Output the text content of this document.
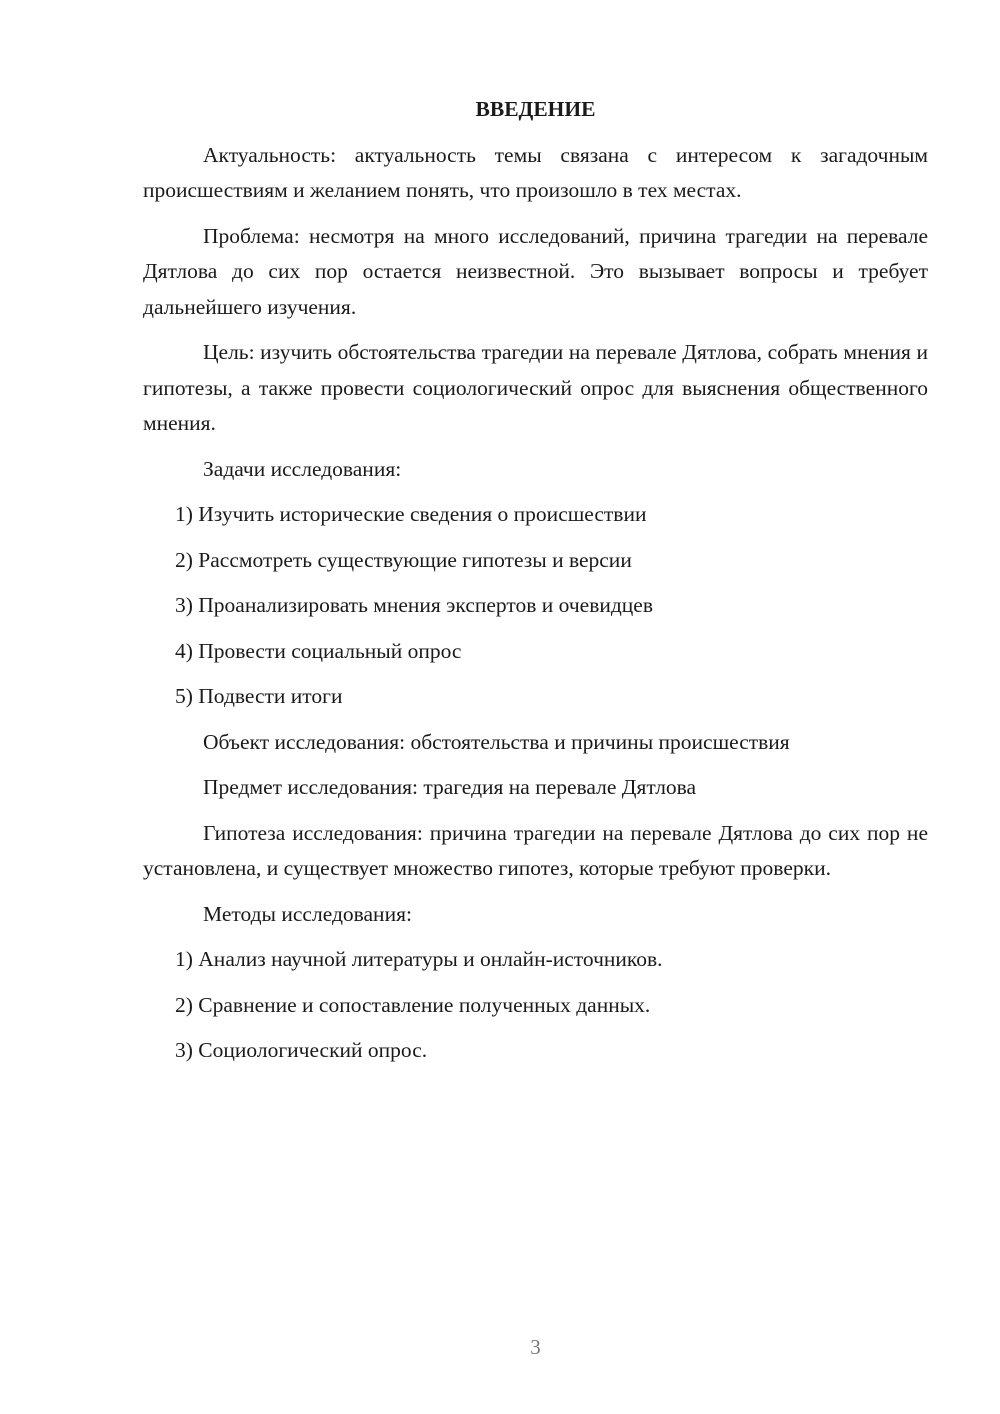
ВВЕДЕНИЕ

Актуальность: актуальность темы связана с интересом к загадочным происшествиям и желанием понять, что произошло в тех местах.

Проблема: несмотря на много исследований, причина трагедии на перевале Дятлова до сих пор остается неизвестной. Это вызывает вопросы и требует дальнейшего изучения.

Цель: изучить обстоятельства трагедии на перевале Дятлова, собрать мнения и гипотезы, а также провести социологический опрос для выяснения общественного мнения.

Задачи исследования:

1) Изучить исторические сведения о происшествии

2) Рассмотреть существующие гипотезы и версии

3) Проанализировать мнения экспертов и очевидцев

4) Провести социальный опрос

5) Подвести итоги

Объект исследования: обстоятельства и причины происшествия

Предмет исследования: трагедия на перевале Дятлова

Гипотеза исследования: причина трагедии на перевале Дятлова до сих пор не установлена, и существует множество гипотез, которые требуют проверки.

Методы исследования:

1) Анализ научной литературы и онлайн-источников.

2) Сравнение и сопоставление полученных данных.

3) Социологический опрос.

3
